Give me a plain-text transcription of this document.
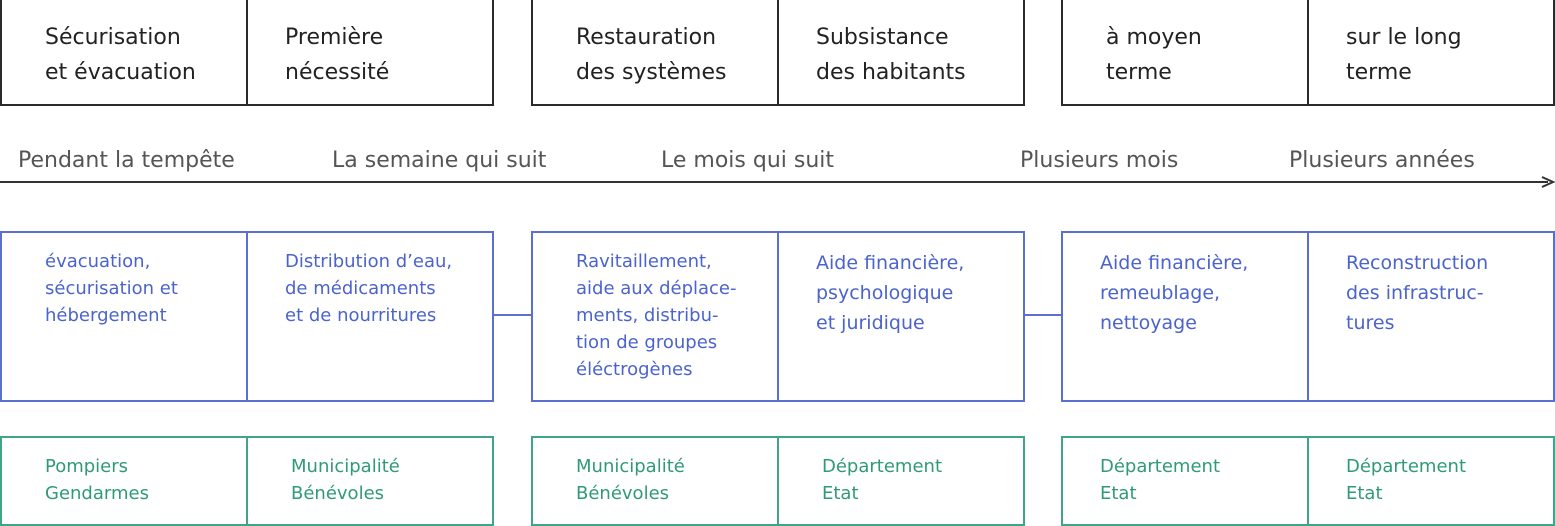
Sécurisation
et évacuation
Première
nécessité
Restauration
des systèmes
Subsistance
des habitants
à moyen
terme
sur le long
terme
Pendant la tempête	La semaine qui suit	Le mois qui suit	Plusieurs mois	Plusieurs années
évacuation,
sécurisation et
hébergement
Distribution d’eau,
de médicaments
et de nourritures
Ravitaillement,
aide aux déplace-
ments, distribu-
tion de groupes
éléctrogènes
Aide financière,
psychologique
et juridique
Aide financière,
remeublage,
nettoyage
Reconstruction
des infrastruc-
tures
Pompiers
Gendarmes
Municipalité
Bénévoles
Municipalité
Bénévoles
Département
Etat
Département
Etat
Département
Etat
